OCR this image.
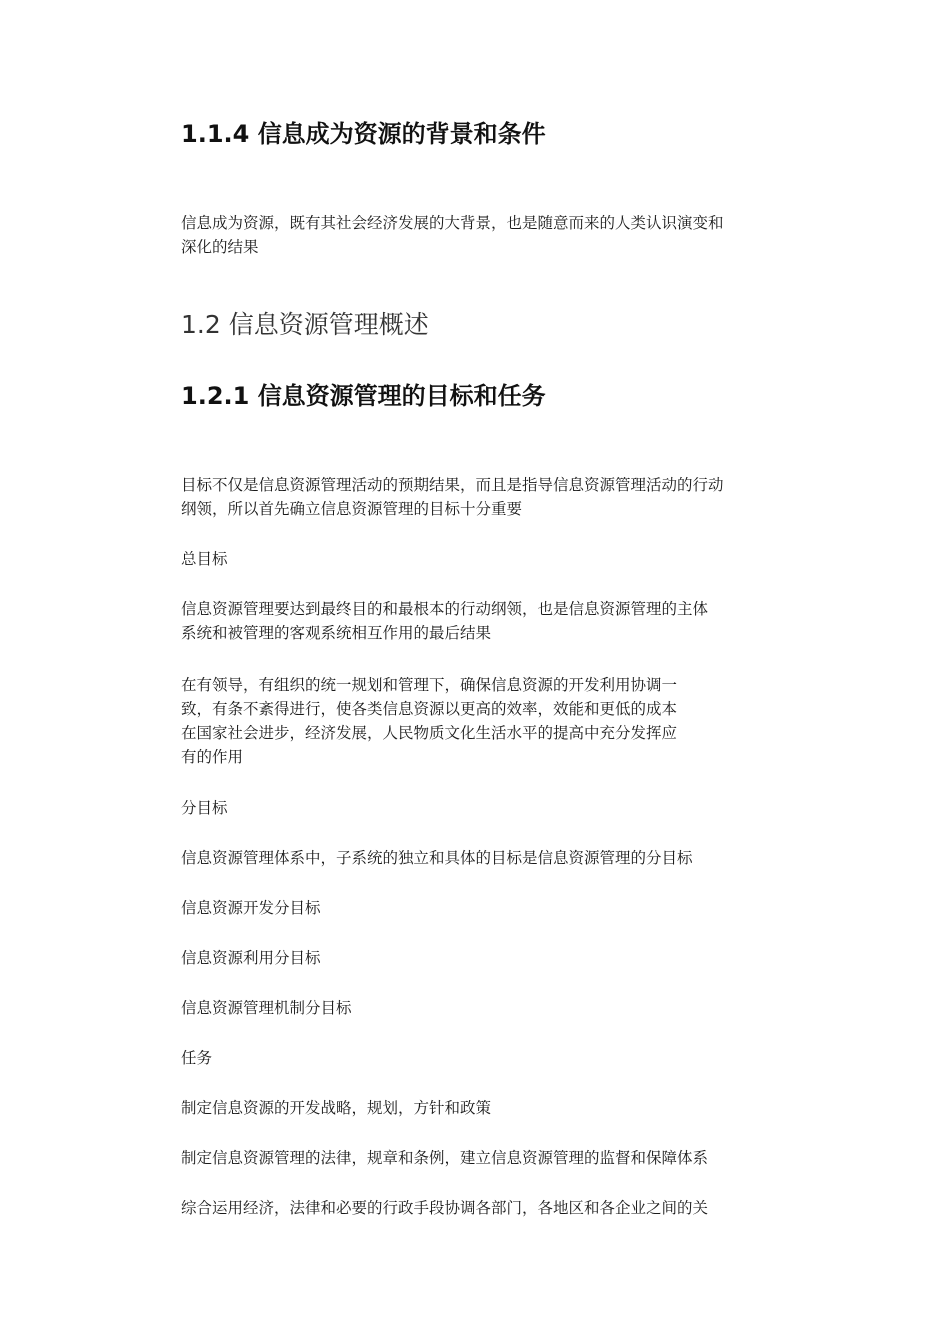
1.1.4 信息成为资源的背景和条件

信息成为资源，既有其社会经济发展的大背景，也是随意而来的人类认识演变和
深化的结果

1.2 信息资源管理概述
1.2.1 信息资源管理的目标和任务

目标不仅是信息资源管理活动的预期结果，而且是指导信息资源管理活动的行动
纲领，所以首先确立信息资源管理的目标十分重要

总目标

信息资源管理要达到最终目的和最根本的行动纲领，也是信息资源管理的主体
系统和被管理的客观系统相互作用的最后结果

在有领导，有组织的统一规划和管理下，确保信息资源的开发利用协调一
致，有条不紊得进行，使各类信息资源以更高的效率，效能和更低的成本
在国家社会进步，经济发展，人民物质文化生活水平的提高中充分发挥应
有的作用

分目标

信息资源管理体系中，子系统的独立和具体的目标是信息资源管理的分目标

信息资源开发分目标

信息资源利用分目标

信息资源管理机制分目标

任务

制定信息资源的开发战略，规划，方针和政策

制定信息资源管理的法律，规章和条例，建立信息资源管理的监督和保障体系

综合运用经济，法律和必要的行政手段协调各部门，各地区和各企业之间的关
